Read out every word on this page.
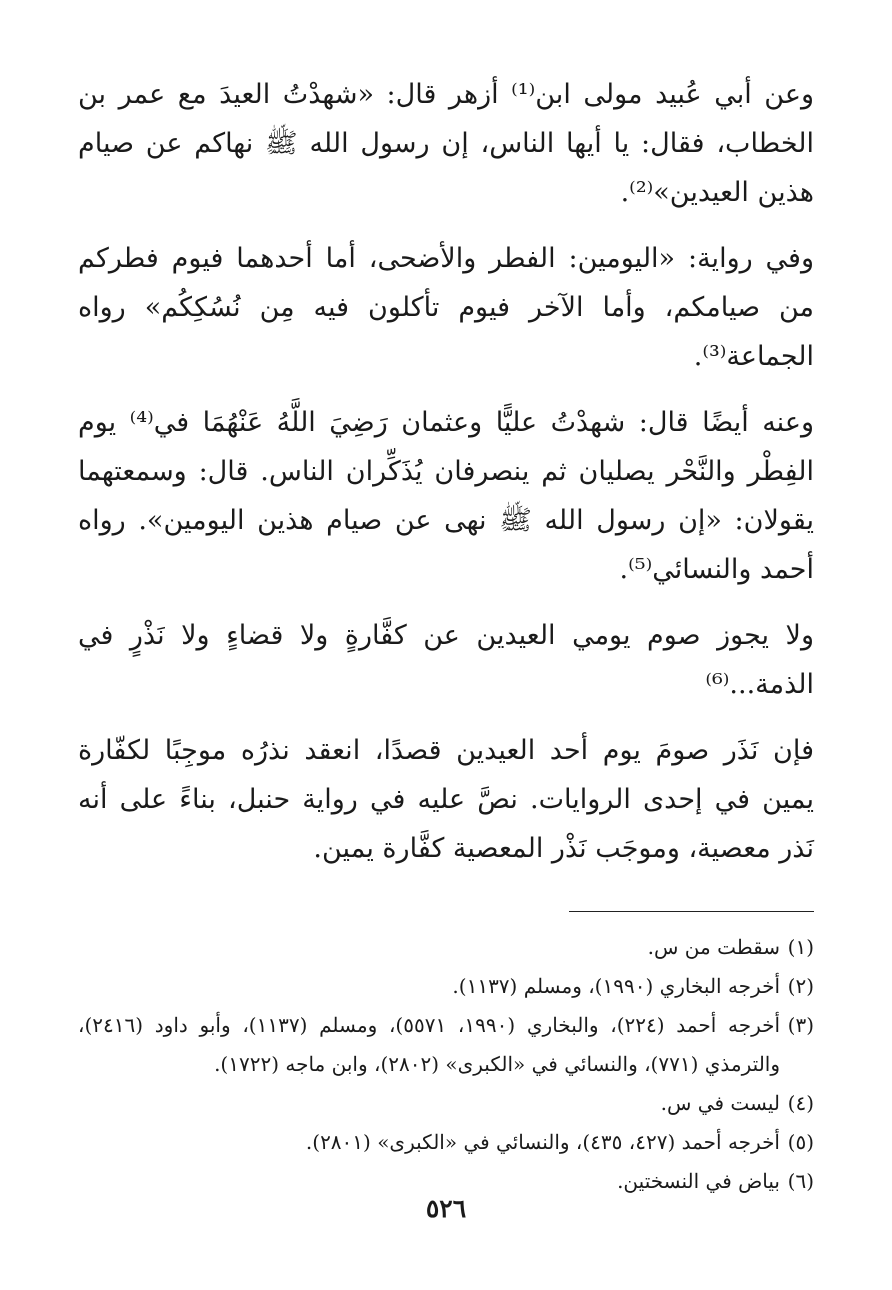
وعن أبي عُبيد مولى ابن⁽¹⁾ أزهر قال: «شهدْتُ العيدَ مع عمر بن الخطاب، فقال: يا أيها الناس، إن رسول الله ﷺ نهاكم عن صيام هذين العيدين»⁽²⁾.

وفي رواية: «اليومين: الفطر والأضحى، أما أحدهما فيوم فطركم من صيامكم، وأما الآخر فيوم تأكلون فيه مِن نُسُكِكُم» رواه الجماعة⁽³⁾.

وعنه أيضًا قال: شهدْتُ عليًّا وعثمان رَضِيَ اللَّهُ عَنْهُمَا في⁽⁴⁾ يوم الفِطْر والنَّحْر يصليان ثم ينصرفان يُذَكِّران الناس. قال: وسمعتهما يقولان: «إن رسول الله ﷺ نهى عن صيام هذين اليومين». رواه أحمد والنسائي⁽⁵⁾.

ولا يجوز صوم يومي العيدين عن كفَّارةٍ ولا قضاءٍ ولا نَذْرٍ في الذمة...⁽⁶⁾

فإن نَذَر صومَ يوم أحد العيدين قصدًا، انعقد نذرُه موجِبًا لكفّارة يمين في إحدى الروايات. نصَّ عليه في رواية حنبل، بناءً على أنه نَذر معصية، وموجَب نَذْر المعصية كفَّارة يمين.

(١)
سقطت من س.
(٢)
أخرجه البخاري (١٩٩٠)، ومسلم (١١٣٧).
(٣)
أخرجه أحمد (٢٢٤)، والبخاري (١٩٩٠، ٥٥٧١)، ومسلم (١١٣٧)، وأبو داود (٢٤١٦)، والترمذي (٧٧١)، والنسائي في «الكبرى» (٢٨٠٢)، وابن ماجه (١٧٢٢).
(٤)
ليست في س.
(٥)
أخرجه أحمد (٤٢٧، ٤٣٥)، والنسائي في «الكبرى» (٢٨٠١).
(٦)
بياض في النسختين.
٥٢٦
